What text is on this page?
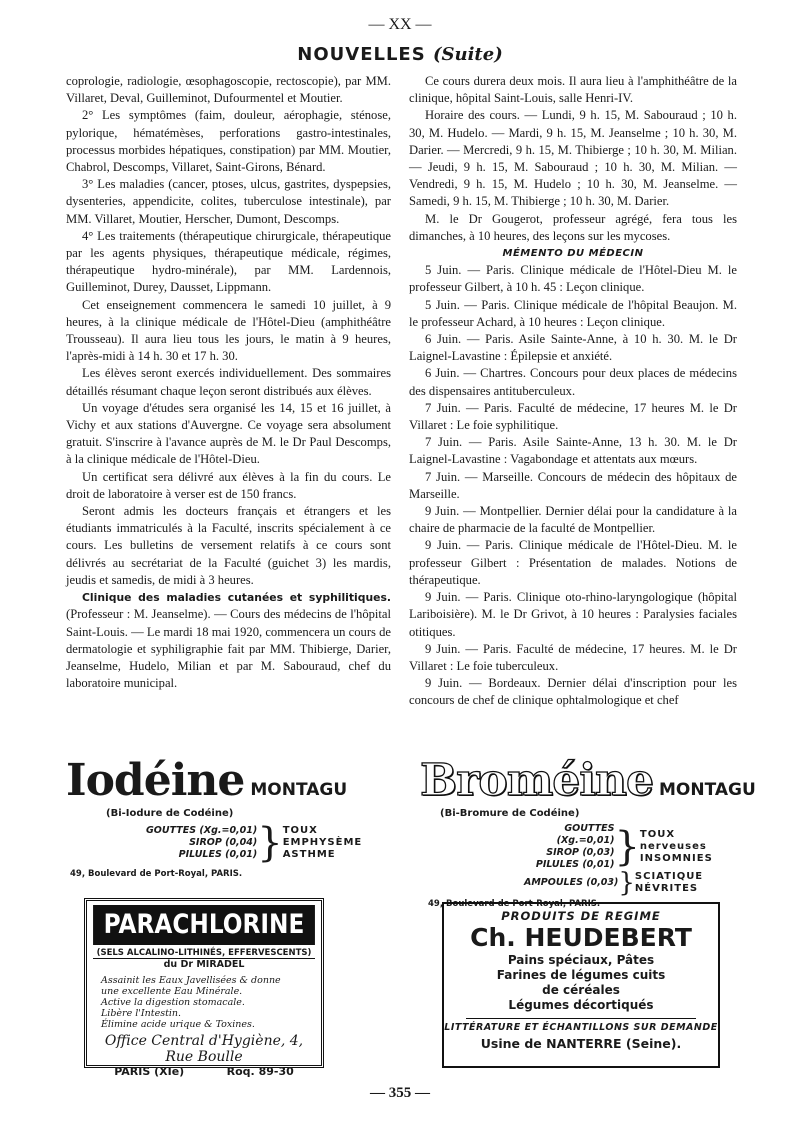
— XX —
NOUVELLES (Suite)

coprologie, radiologie, œsophagoscopie, rectoscopie), par MM. Villaret, Deval, Guilleminot, Dufourmentel et Moutier.

2° Les symptômes (faim, douleur, aérophagie, sténose, pylorique, hématémèses, perforations gastro-intestinales, processus morbides hépatiques, constipation) par MM. Moutier, Chabrol, Descomps, Villaret, Saint-Girons, Bénard.

3° Les maladies (cancer, ptoses, ulcus, gastrites, dyspepsies, dysenteries, appendicite, colites, tuberculose intestinale), par MM. Villaret, Moutier, Herscher, Dumont, Descomps.

4° Les traitements (thérapeutique chirurgicale, thérapeutique par les agents physiques, thérapeutique médicale, régimes, thérapeutique hydro-minérale), par MM. Lardennois, Guilleminot, Durey, Dausset, Lippmann.

Cet enseignement commencera le samedi 10 juillet, à 9 heures, à la clinique médicale de l'Hôtel-Dieu (amphithéâtre Trousseau). Il aura lieu tous les jours, le matin à 9 heures, l'après-midi à 14 h. 30 et 17 h. 30.

Les élèves seront exercés individuellement. Des sommaires détaillés résumant chaque leçon seront distribués aux élèves.

Un voyage d'études sera organisé les 14, 15 et 16 juillet, à Vichy et aux stations d'Auvergne. Ce voyage sera absolument gratuit. S'inscrire à l'avance auprès de M. le Dr Paul Descomps, à la clinique médicale de l'Hôtel-Dieu.

Un certificat sera délivré aux élèves à la fin du cours. Le droit de laboratoire à verser est de 150 francs.

Seront admis les docteurs français et étrangers et les étudiants immatriculés à la Faculté, inscrits spécialement à ce cours. Les bulletins de versement relatifs à ce cours sont délivrés au secrétariat de la Faculté (guichet 3) les mardis, jeudis et samedis, de midi à 3 heures.

Clinique des maladies cutanées et syphilitiques. (Professeur : M. Jeanselme). — Cours des médecins de l'hôpital Saint-Louis. — Le mardi 18 mai 1920, commencera un cours de dermatologie et syphiligraphie fait par MM. Thibierge, Darier, Jeanselme, Hudelo, Milian et par M. Sabouraud, chef du laboratoire municipal.

Ce cours durera deux mois. Il aura lieu à l'amphithéâtre de la clinique, hôpital Saint-Louis, salle Henri-IV.

Horaire des cours. — Lundi, 9 h. 15, M. Sabouraud ; 10 h. 30, M. Hudelo. — Mardi, 9 h. 15, M. Jeanselme ; 10 h. 30, M. Darier. — Mercredi, 9 h. 15, M. Thibierge ; 10 h. 30, M. Milian. — Jeudi, 9 h. 15, M. Sabouraud ; 10 h. 30, M. Milian. — Vendredi, 9 h. 15, M. Hudelo ; 10 h. 30, M. Jeanselme. — Samedi, 9 h. 15, M. Thibierge ; 10 h. 30, M. Darier.

M. le Dr Gougerot, professeur agrégé, fera tous les dimanches, à 10 heures, des leçons sur les mycoses.

MÉMENTO DU MÉDECIN

5 Juin. — Paris. Clinique médicale de l'Hôtel-Dieu M. le professeur Gilbert, à 10 h. 45 : Leçon clinique.

5 Juin. — Paris. Clinique médicale de l'hôpital Beaujon. M. le professeur Achard, à 10 heures : Leçon clinique.

6 Juin. — Paris. Asile Sainte-Anne, à 10 h. 30. M. le Dr Laignel-Lavastine : Épilepsie et anxiété.

6 Juin. — Chartres. Concours pour deux places de médecins des dispensaires antituberculeux.

7 Juin. — Paris. Faculté de médecine, 17 heures M. le Dr Villaret : Le foie syphilitique.

7 Juin. — Paris. Asile Sainte-Anne, 13 h. 30. M. le Dr Laignel-Lavastine : Vagabondage et attentats aux mœurs.

7 Juin. — Marseille. Concours de médecin des hôpitaux de Marseille.

9 Juin. — Montpellier. Dernier délai pour la candidature à la chaire de pharmacie de la faculté de Montpellier.

9 Juin. — Paris. Clinique médicale de l'Hôtel-Dieu. M. le professeur Gilbert : Présentation de malades. Notions de thérapeutique.

9 Juin. — Paris. Clinique oto-rhino-laryngologique (hôpital Lariboisière). M. le Dr Grivot, à 10 heures : Paralysies faciales otitiques.

9 Juin. — Paris. Faculté de médecine, 17 heures. M. le Dr Villaret : Le foie tuberculeux.

9 Juin. — Bordeaux. Dernier délai d'inscription pour les concours de chef de clinique ophtalmologique et chef

Iodéine MONTAGU
(Bi-Iodure de Codéine)
GOUTTES (Xg.=0,01)
SIROP (0,04)
PILULES (0,01) } TOUX
EMPHYSÈME
ASTHME
49, Boulevard de Port-Royal, PARIS.
Broméine MONTAGU
(Bi-Bromure de Codéine)
GOUTTES (Xg.=0,01)
SIROP (0,03)
PILULES (0,01) } TOUX nerveuses
INSOMNIES
AMPOULES (0,03) } SCIATIQUE
NÉVRITES
49, Boulevard de Port-Royal, PARIS.
PARACHLORINE
(SELS ALCALINO-LITHINÉS, EFFERVESCENTS)
du Dr MIRADEL
Assainit les Eaux Javellisées & donne
une excellente Eau Minérale.
Active la digestion stomacale.
Libère l'Intestin.
Élimine acide urique & Toxines.
Office Central d'Hygiène, 4, Rue Boulle
PARIS (XIe)	Roq. 89-30
PRODUITS DE REGIME
Ch. HEUDEBERT
Pains spéciaux, Pâtes
Farines de légumes cuits
de céréales
Légumes décortiqués
LITTÉRATURE ET ÉCHANTILLONS SUR DEMANDE
Usine de NANTERRE (Seine).
— 355 —
